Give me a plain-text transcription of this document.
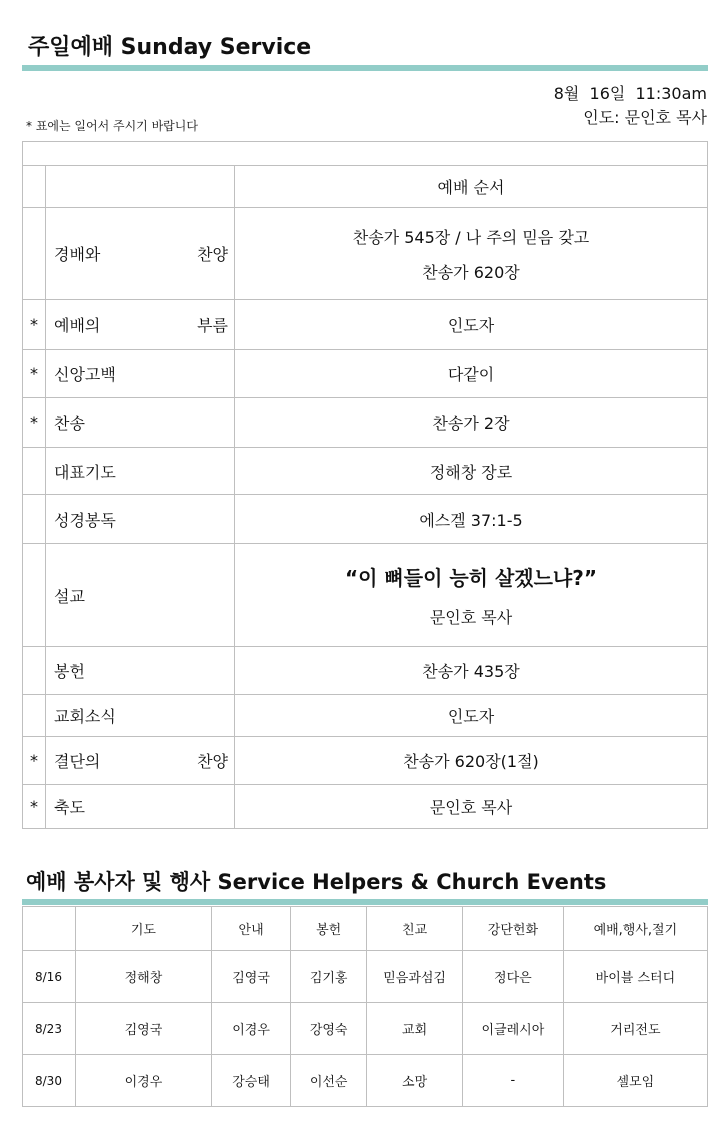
주일예배 Sunday Service
8월  16일  11:30am
인도: 문인호 목사
* 표에는 일어서 주시기 바랍니다

		예배 순서

	경배와 찬양	찬송가 545장 / 나 주의 믿음 갖고
찬송가 620장

*	예배의 부름	인도자

*	신앙고백	다같이

*	찬송	찬송가 2장

	대표기도	정해창 장로

	성경봉독	에스겔 37:1-5

	설교	“이 뼈들이 능히 살겠느냐?”
문인호 목사

	봉헌	찬송가 435장

	교회소식	인도자

*	결단의 찬양	찬송가 620장(1절)

*	축도	문인호 목사
예배 봉사자 및 행사 Service Helpers & Church Events
	기도	안내	봉헌	친교	강단헌화	예배,행사,절기
8/16	정해창	김영국	김기홍	믿음과섬김	정다은	바이블 스터디
8/23	김영국	이경우	강영숙	교회	이글레시아	거리전도
8/30	이경우	강승태	이선순	소망	-	셀모임
